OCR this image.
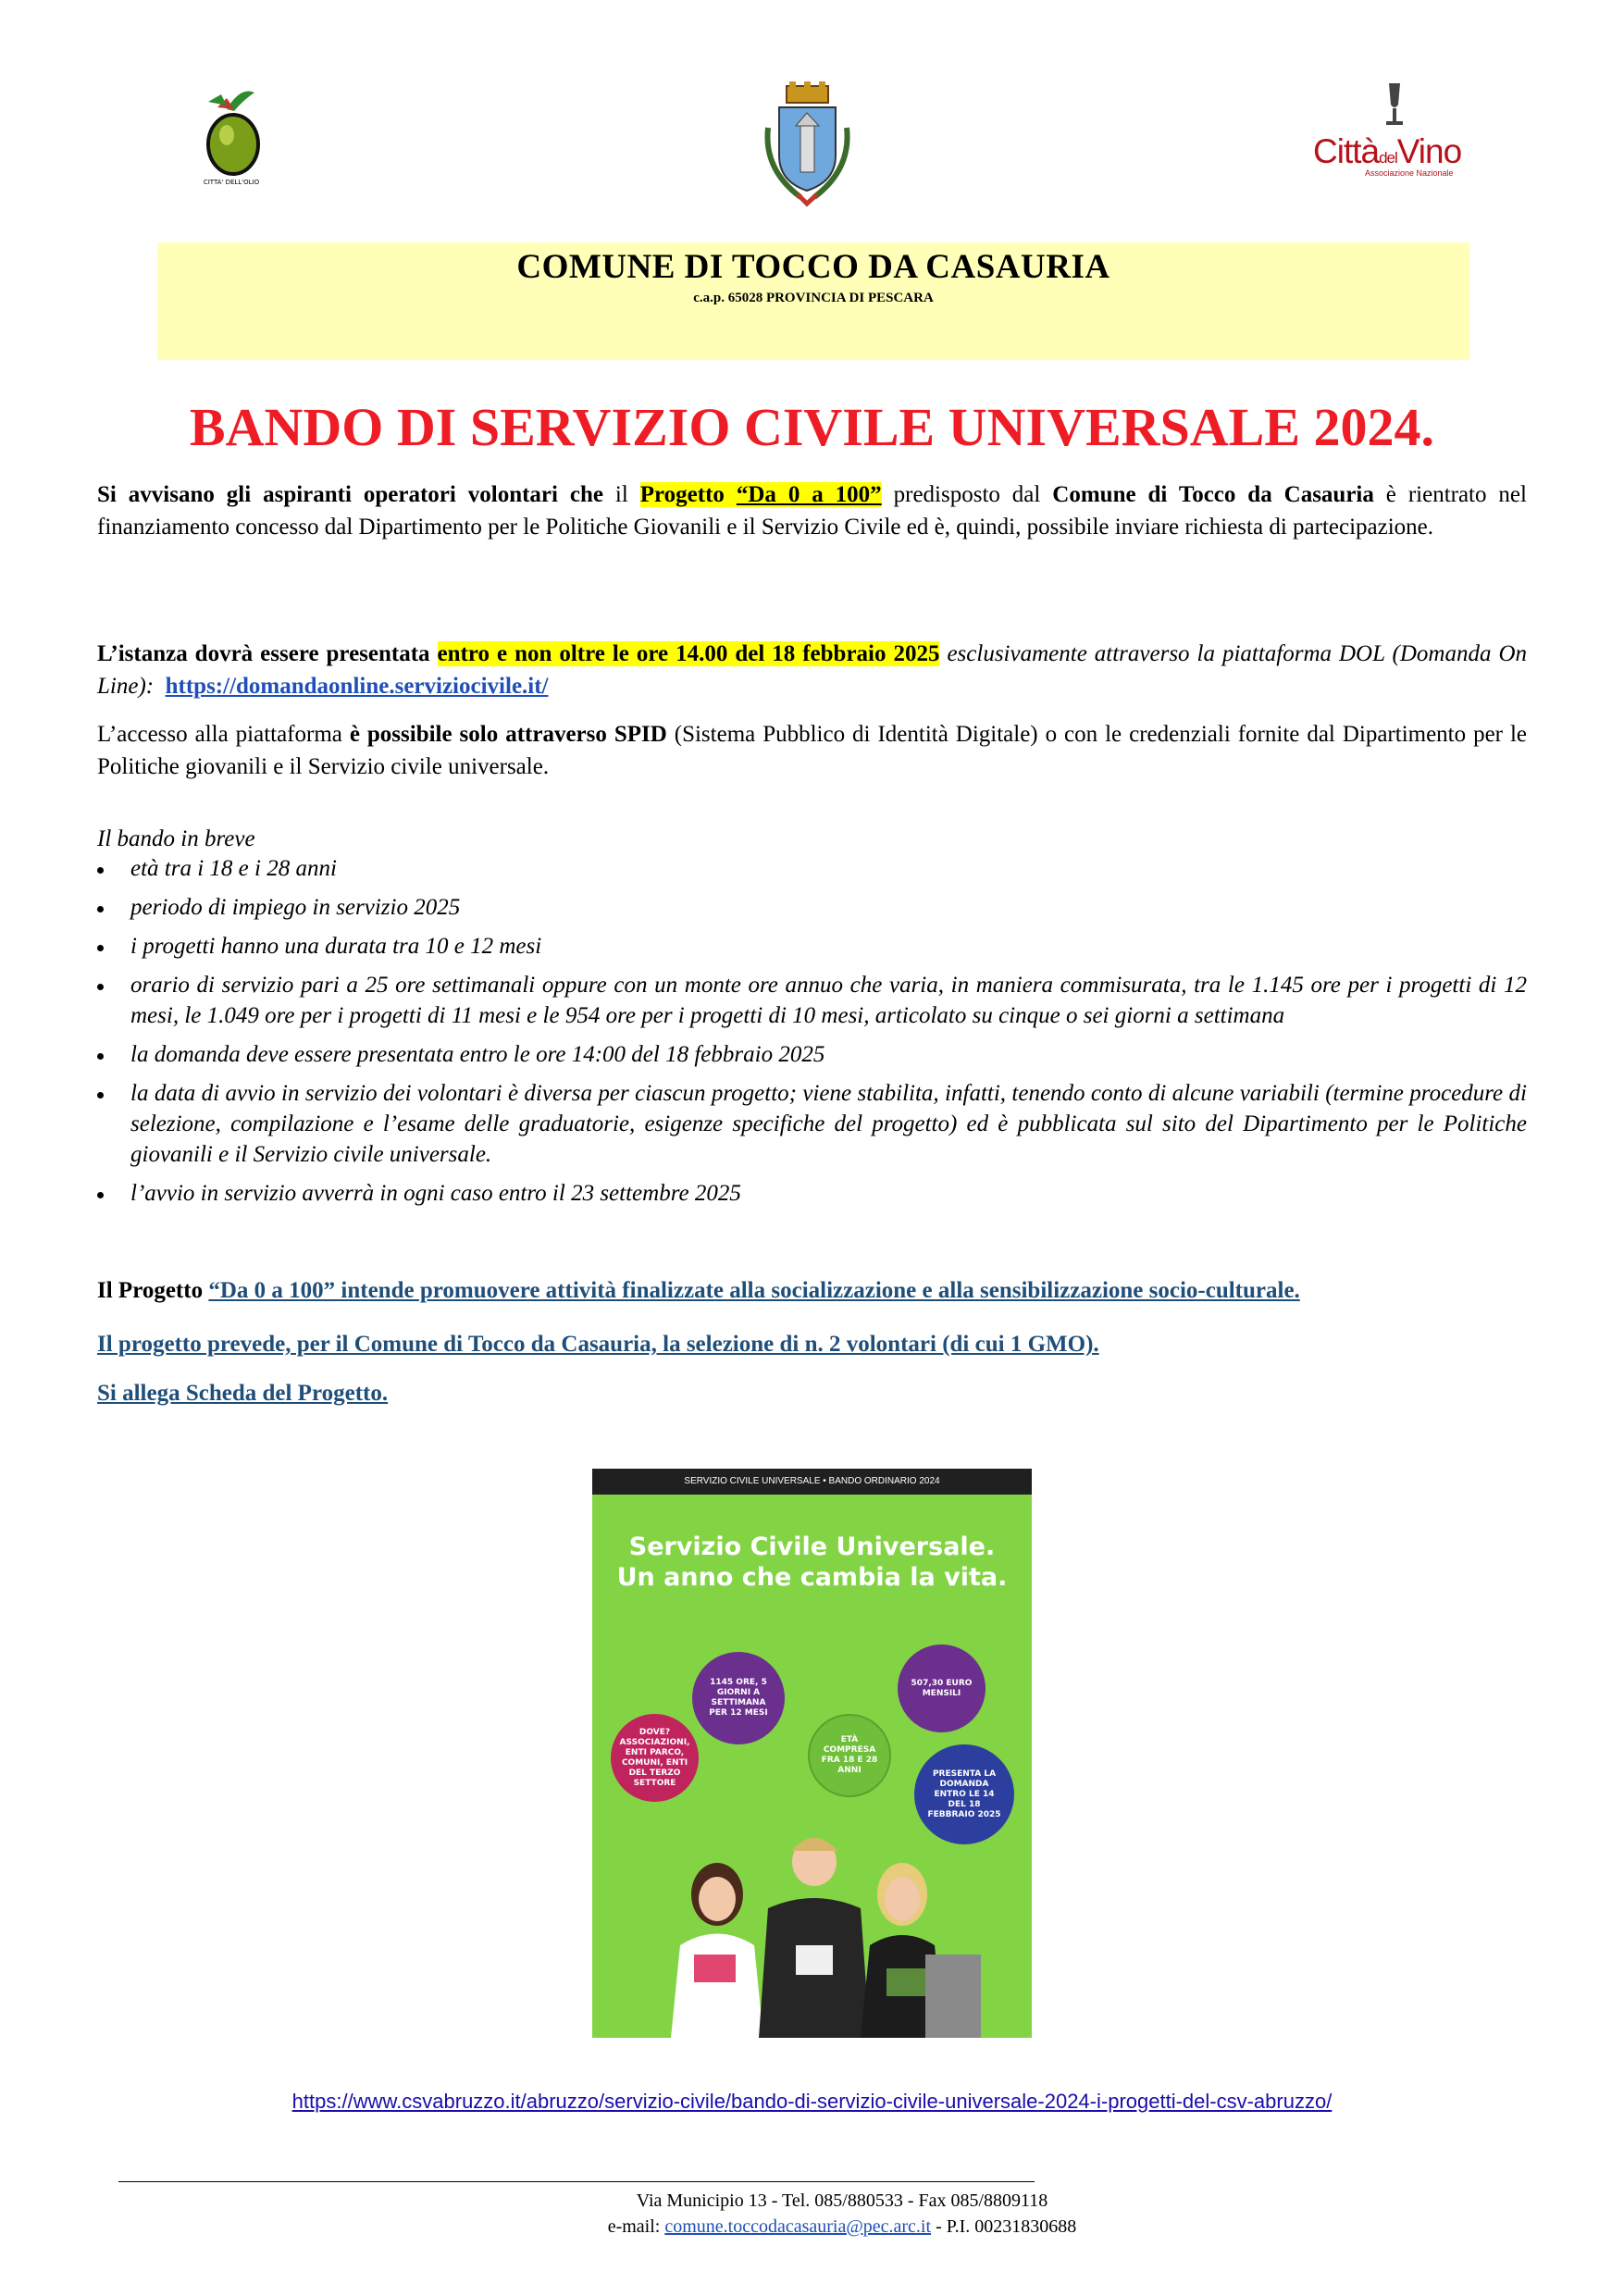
CITTA' DELL'OLIO
CittàdelVino
Associazione Nazionale
COMUNE DI TOCCO DA CASAURIA
c.a.p. 65028 PROVINCIA DI PESCARA
BANDO DI SERVIZIO CIVILE UNIVERSALE 2024.
Si avvisano gli aspiranti operatori volontari che il Progetto “Da 0 a 100” predisposto dal Comune di Tocco da Casauria è rientrato nel finanziamento concesso dal Dipartimento per le Politiche Giovanili e il Servizio Civile ed è, quindi, possibile inviare richiesta di partecipazione.
L’istanza dovrà essere presentata entro e non oltre le ore 14.00 del 18 febbraio 2025 esclusivamente attraverso la piattaforma DOL (Domanda On Line): https://domandaonline.serviziocivile.it/
L’accesso alla piattaforma è possibile solo attraverso SPID (Sistema Pubblico di Identità Digitale) o con le credenziali fornite dal Dipartimento per le Politiche giovanili e il Servizio civile universale.
Il bando in breve
età tra i 18 e i 28 anni
periodo di impiego in servizio 2025
i progetti hanno una durata tra 10 e 12 mesi
orario di servizio pari a 25 ore settimanali oppure con un monte ore annuo che varia, in maniera commisurata, tra le 1.145 ore per i progetti di 12 mesi, le 1.049 ore per i progetti di 11 mesi e le 954 ore per i progetti di 10 mesi, articolato su cinque o sei giorni a settimana
la domanda deve essere presentata entro le ore 14:00 del 18 febbraio 2025
la data di avvio in servizio dei volontari è diversa per ciascun progetto; viene stabilita, infatti, tenendo conto di alcune variabili (termine procedure di selezione, compilazione e l’esame delle graduatorie, esigenze specifiche del progetto) ed è pubblicata sul sito del Dipartimento per le Politiche giovanili e il Servizio civile universale.
l’avvio in servizio avverrà in ogni caso entro il 23 settembre 2025
Il Progetto “Da 0 a 100” intende promuovere attività finalizzate alla socializzazione e alla sensibilizzazione socio-culturale.
Il progetto prevede, per il Comune di Tocco da Casauria, la selezione di n. 2 volontari (di cui 1 GMO).
Si allega Scheda del Progetto.
SERVIZIO CIVILE UNIVERSALE • BANDO ORDINARIO 2024
Servizio Civile Universale.
Un anno che cambia la vita.
1145 ORE, 5 GIORNI A SETTIMANA PER 12 MESI
507,30 EURO MENSILI
DOVE? ASSOCIAZIONI, ENTI PARCO, COMUNI, ENTI DEL TERZO SETTORE
ETÀ COMPRESA FRA 18 E 28 ANNI	PRESENTA LA DOMANDA ENTRO LE 14 DEL 18 FEBBRAIO 2025
https://www.csvabruzzo.it/abruzzo/servizio-civile/bando-di-servizio-civile-universale-2024-i-progetti-del-csv-abruzzo/
Via Municipio 13 - Tel. 085/880533 - Fax 085/8809118
e-mail: comune.toccodacasauria@pec.arc.it - P.I. 00231830688
